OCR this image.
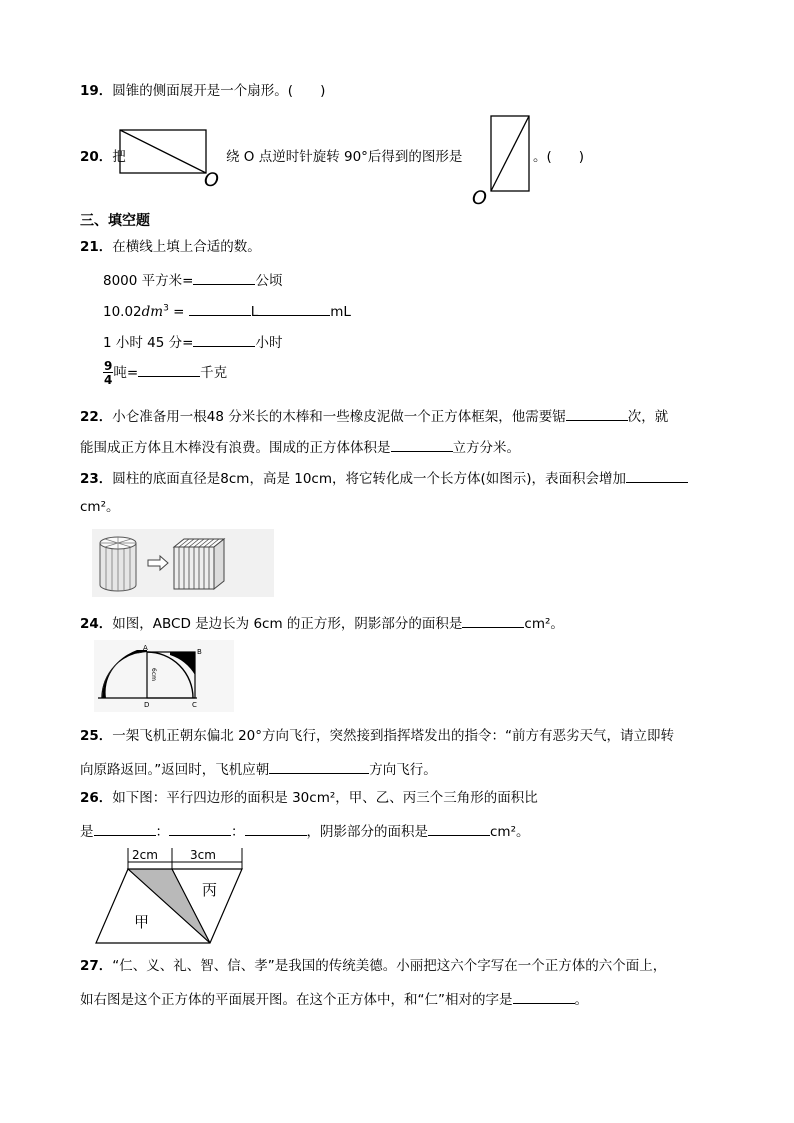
19．圆锥的侧面展开是一个扇形。(　　)
20．把
O
绕 O 点逆时针旋转 90°后得到的图形是
O
。(　　)
三、填空题
21．在横线上填上合适的数。
8000 平方米=	公顷
$10.02dm^3$ =	L	mL
1 小时 45 分=	小时
$\frac{9}{4}$ 吨=	千克
22．小仑准备用一根48 分米长的木棒和一些橡皮泥做一个正方体框架，他需要锯	次，就
能围成正方体且木棒没有浪费。围成的正方体体积是	立方分米。
23．圆柱的底面直径是8cm，高是 10cm，将它转化成一个长方体(如图示)，表面积会增加
cm²。
24．如图，ABCD 是边长为 6cm 的正方形，阴影部分的面积是	cm²。
A	B
C
D
6cm
25．一架飞机正朝东偏北 20°方向飞行，突然接到指挥塔发出的指令：“前方有恶劣天气，请立即转
向原路返回。”返回时，飞机应朝	方向飞行。
26．如下图：平行四边形的面积是 30cm²，甲、乙、丙三个三角形的面积比
是	：	：	，阴影部分的面积是	cm²。
2cm	3cm
甲
丙
27．“仁、义、礼、智、信、孝”是我国的传统美德。小丽把这六个字写在一个正方体的六个面上，
如右图是这个正方体的平面展开图。在这个正方体中，和“仁”相对的字是	。
